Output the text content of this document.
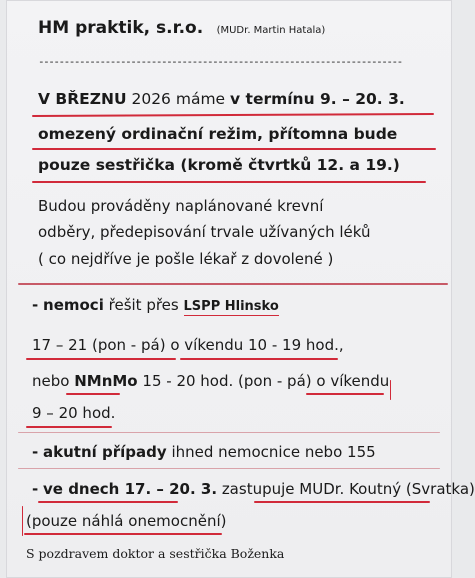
HM praktik, s.r.o. (MUDr. Martin Hatala)
-----------------------------------------------------------------------
V BŘEZNU 2026 máme v termínu 9. – 20. 3.
omezený ordinační režim, přítomna bude
pouze sestřička (kromě čtvrtků 12. a 19.)
Budou prováděny naplánované krevní
odběry, předepisování trvale užívaných léků
( co nejdříve je pošle lékař z dovolené )
- nemoci řešit přes LSPP Hlinsko
17 – 21 (pon - pá) o víkendu 10 - 19 hod.,
nebo NMnMo 15 - 20 hod. (pon - pá) o víkendu
9 – 20 hod.
- akutní případy ihned nemocnice nebo 155
- ve dnech 17. – 20. 3. zastupuje MUDr. Koutný (Svratka)
(pouze náhlá onemocnění)
S pozdravem doktor a sestřička Boženka
